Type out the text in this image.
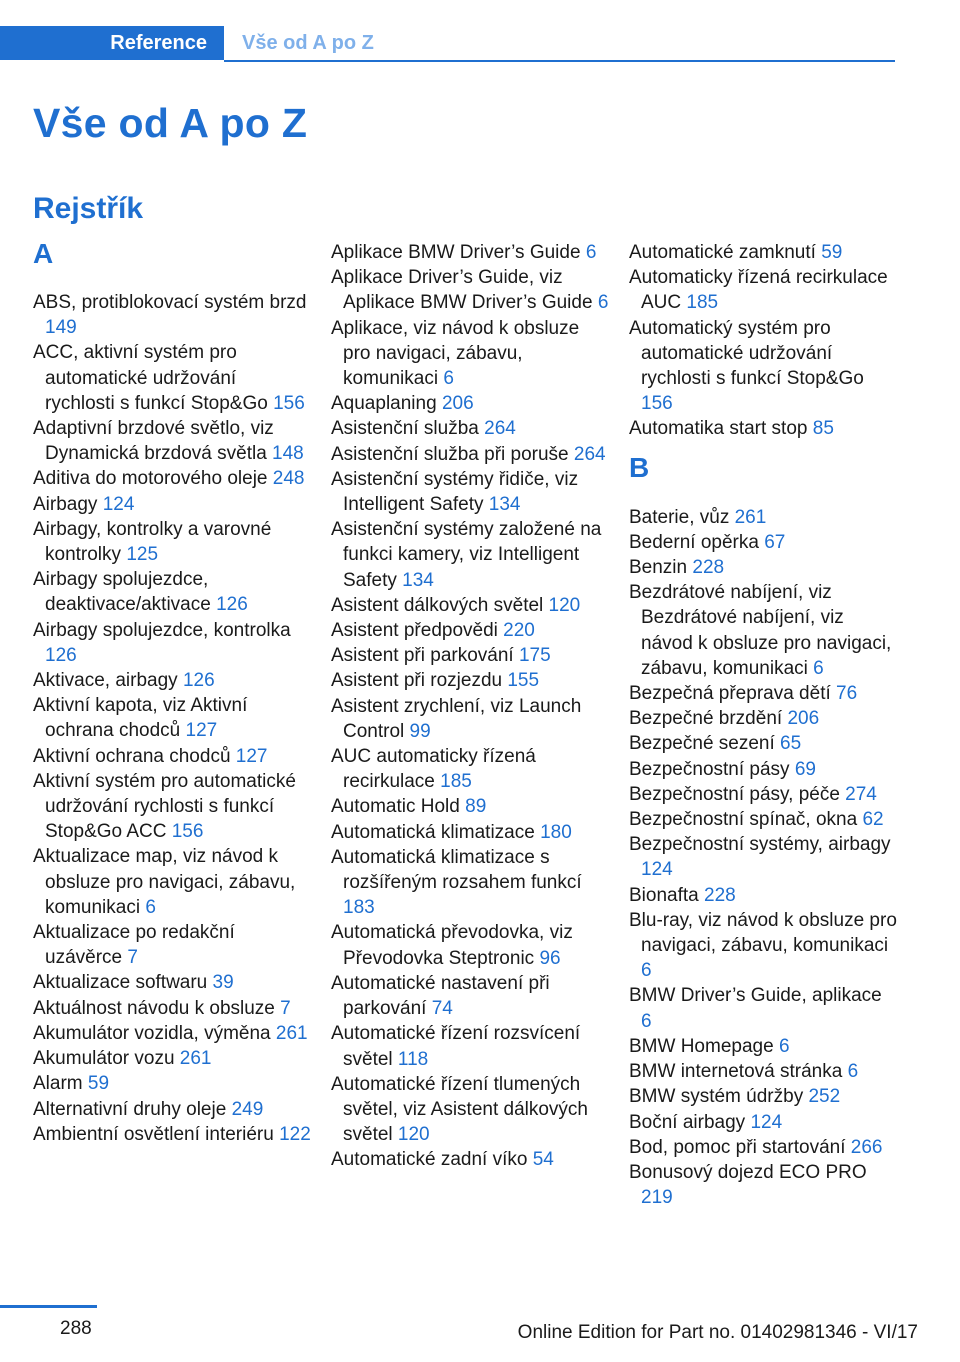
Reference	Vše od A po Z
Vše od A po Z
Rejstřík
A
ABS, protiblokovací systém brzd 149
ACC, aktivní systém pro automatické udržování rychlosti s funkcí Stop&Go 156
Adaptivní brzdové světlo, viz Dynamická brzdová světla 148
Aditiva do motorového oleje 248
Airbagy 124
Airbagy, kontrolky a varovné kontrolky 125
Airbagy spolujezdce, deaktivace/aktivace 126
Airbagy spolujezdce, kontrolka 126
Aktivace, airbagy 126
Aktivní kapota, viz Aktivní ochrana chodců 127
Aktivní ochrana chodců 127
Aktivní systém pro automatické udržování rychlosti s funkcí Stop&Go ACC 156
Aktualizace map, viz návod k obsluze pro navigaci, zábavu, komunikaci 6
Aktualizace po redakční uzávěrce 7
Aktualizace softwaru 39
Aktuálnost návodu k obsluze 7
Akumulátor vozidla, výměna 261
Akumulátor vozu 261
Alarm 59
Alternativní druhy oleje 249
Ambientní osvětlení interiéru 122
Aplikace BMW Driver’s Guide 6
Aplikace Driver’s Guide, viz Aplikace BMW Driver’s Guide 6
Aplikace, viz návod k obsluze pro navigaci, zábavu, komunikaci 6
Aquaplaning 206
Asistenční služba 264
Asistenční služba při poruše 264
Asistenční systémy řidiče, viz Intelligent Safety 134
Asistenční systémy založené na funkci kamery, viz Intelligent Safety 134
Asistent dálkových světel 120
Asistent předpovědi 220
Asistent při parkování 175
Asistent při rozjezdu 155
Asistent zrychlení, viz Launch Control 99
AUC automaticky řízená recirkulace 185
Automatic Hold 89
Automatická klimatizace 180
Automatická klimatizace s rozšířeným rozsahem funkcí 183
Automatická převodovka, viz Převodovka Steptronic 96
Automatické nastavení při parkování 74
Automatické řízení rozsvícení světel 118
Automatické řízení tlumených světel, viz Asistent dálkových světel 120
Automatické zadní víko 54
Automatické zamknutí 59
Automaticky řízená recirkulace AUC 185
Automatický systém pro automatické udržování rychlosti s funkcí Stop&Go 156
Automatika start stop 85
B
Baterie, vůz 261
Bederní opěrka 67
Benzin 228
Bezdrátové nabíjení, viz Bezdrátové nabíjení, viz návod k obsluze pro navigaci, zábavu, komunikaci 6
Bezpečná přeprava dětí 76
Bezpečné brzdění 206
Bezpečné sezení 65
Bezpečnostní pásy 69
Bezpečnostní pásy, péče 274
Bezpečnostní spínač, okna 62
Bezpečnostní systémy, airbagy 124
Bionafta 228
Blu-ray, viz návod k obsluze pro navigaci, zábavu, komunikaci 6
BMW Driver’s Guide, aplikace 6
BMW Homepage 6
BMW internetová stránka 6
BMW systém údržby 252
Boční airbagy 124
Bod, pomoc při startování 266
Bonusový dojezd ECO PRO 219
288	Online Edition for Part no. 01402981346 - VI/17
